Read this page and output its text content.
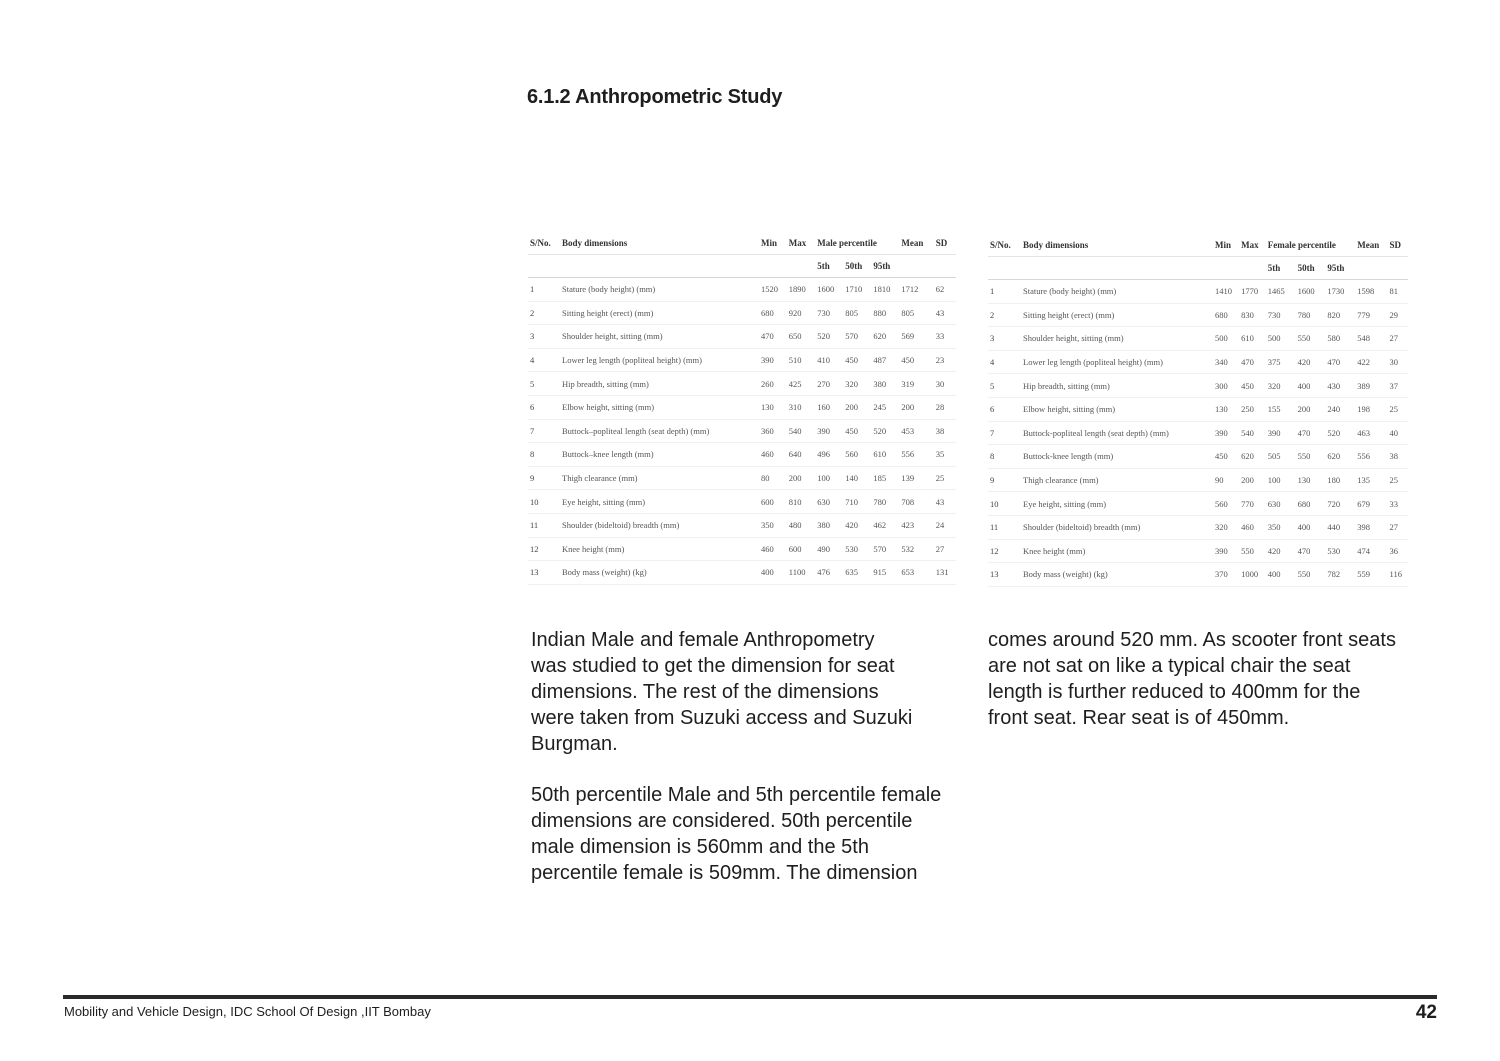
6.1.2 Anthropometric Study
S/No.	Body dimensions	Min	Max	Male percentile			Mean	SD
				5th	50th	95th		
1	Stature (body height) (mm)	1520	1890	1600	1710	1810	1712	62
2	Sitting height (erect) (mm)	680	920	730	805	880	805	43
3	Shoulder height, sitting (mm)	470	650	520	570	620	569	33
4	Lower leg length (popliteal height) (mm)	390	510	410	450	487	450	23
5	Hip breadth, sitting (mm)	260	425	270	320	380	319	30
6	Elbow height, sitting (mm)	130	310	160	200	245	200	28
7	Buttock–popliteal length (seat depth) (mm)	360	540	390	450	520	453	38
8	Buttock–knee length (mm)	460	640	496	560	610	556	35
9	Thigh clearance (mm)	80	200	100	140	185	139	25
10	Eye height, sitting (mm)	600	810	630	710	780	708	43
11	Shoulder (bideltoid) breadth (mm)	350	480	380	420	462	423	24
12	Knee height (mm)	460	600	490	530	570	532	27
13	Body mass (weight) (kg)	400	1100	476	635	915	653	131
S/No.	Body dimensions	Min	Max	Female percentile			Mean	SD
				5th	50th	95th		
1	Stature (body height) (mm)	1410	1770	1465	1600	1730	1598	81
2	Sitting height (erect) (mm)	680	830	730	780	820	779	29
3	Shoulder height, sitting (mm)	500	610	500	550	580	548	27
4	Lower leg length (popliteal height) (mm)	340	470	375	420	470	422	30
5	Hip breadth, sitting (mm)	300	450	320	400	430	389	37
6	Elbow height, sitting (mm)	130	250	155	200	240	198	25
7	Buttock-popliteal length (seat depth) (mm)	390	540	390	470	520	463	40
8	Buttock-knee length (mm)	450	620	505	550	620	556	38
9	Thigh clearance (mm)	90	200	100	130	180	135	25
10	Eye height, sitting (mm)	560	770	630	680	720	679	33
11	Shoulder (bideltoid) breadth (mm)	320	460	350	400	440	398	27
12	Knee height (mm)	390	550	420	470	530	474	36
13	Body mass (weight) (kg)	370	1000	400	550	782	559	116

Indian Male and female Anthropometry
was studied to get the dimension for seat
dimensions. The rest of the dimensions
were taken from Suzuki access and Suzuki
Burgman.

50th percentile Male and 5th percentile female
dimensions are considered. 50th percentile
male dimension is 560mm and the 5th
percentile female is 509mm. The dimension

comes around 520 mm. As scooter front seats
are not sat on like a typical chair the seat
length is further reduced to 400mm for the
front seat. Rear seat is of 450mm.

Mobility and Vehicle Design, IDC School Of Design ,IIT Bombay	42
